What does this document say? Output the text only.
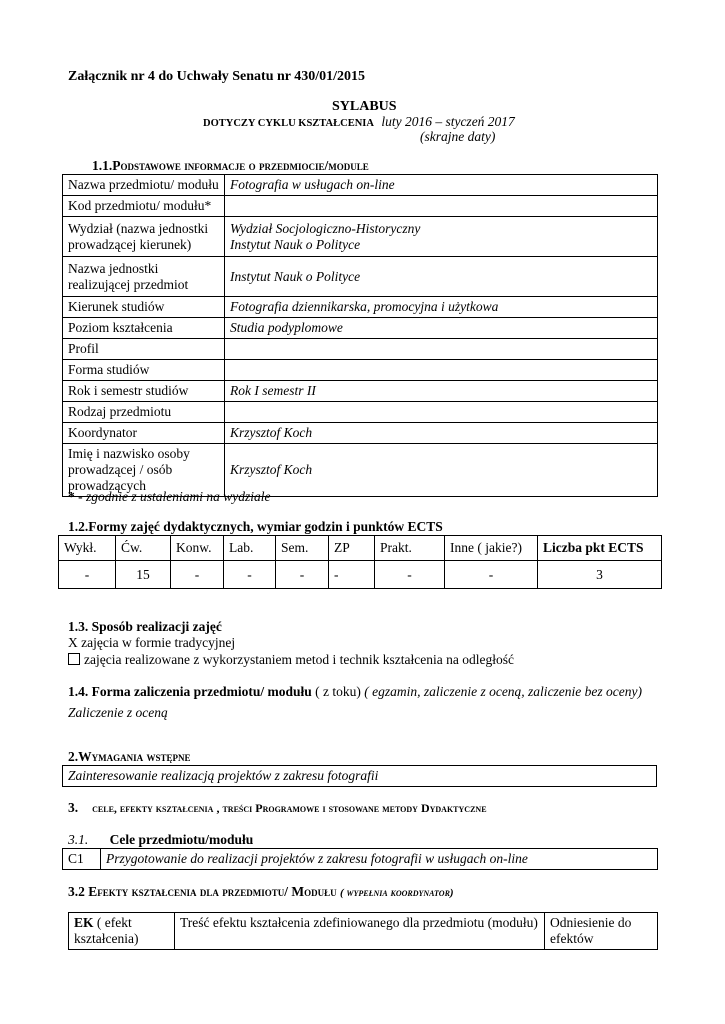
Załącznik nr 4 do Uchwały Senatu nr 430/01/2015
SYLABUS
DOTYCZY CYKLU KSZTAŁCENIA luty 2016 – styczeń 2017
(skrajne daty)
1.1.Podstawowe informacje o przedmiocie/module
Nazwa przedmiotu/ modułu	Fotografia w usługach on-line
Kod przedmiotu/ modułu*	
Wydział (nazwa jednostki prowadzącej kierunek)	Wydział Socjologiczno-Historyczny
Instytut Nauk o Polityce

Nazwa jednostki realizującej przedmiot	Instytut Nauk o Polityce
Kierunek studiów	Fotografia dziennikarska, promocyjna i użytkowa
Poziom kształcenia	Studia podyplomowe
Profil	
Forma studiów	
Rok i semestr studiów	Rok I semestr II
Rodzaj przedmiotu	
Koordynator	Krzysztof Koch
Imię i nazwisko osoby prowadzącej / osób prowadzących	Krzysztof Koch
* - zgodnie z ustaleniami na wydziale
1.2.Formy zajęć dydaktycznych, wymiar godzin i punktów ECTS
Wykł.	Ćw.	Konw.	Lab.	Sem.	ZP	Prakt.	Inne ( jakie?)	Liczba pkt ECTS
-	15	-	-	-	-	-	-	3
1.3. Sposób realizacji zajęć
X zajęcia w formie tradycyjnej
zajęcia realizowane z wykorzystaniem metod i technik kształcenia na odległość
1.4. Forma zaliczenia przedmiotu/ modułu ( z toku) ( egzamin, zaliczenie z oceną, zaliczenie bez oceny)
Zaliczenie z oceną
2.Wymagania wstępne
Zainteresowanie realizacją projektów z zakresu fotografii
3. cele, efekty kształcenia , treści Programowe i stosowane metody Dydaktyczne
3.1. Cele przedmiotu/modułu
C1	Przygotowanie do realizacji projektów z zakresu fotografii w usługach on-line
3.2 Efekty kształcenia dla przedmiotu/ Modułu ( wypełnia koordynator)
EK ( efekt kształcenia)	Treść efektu kształcenia zdefiniowanego dla przedmiotu (modułu)	Odniesienie do efektów
